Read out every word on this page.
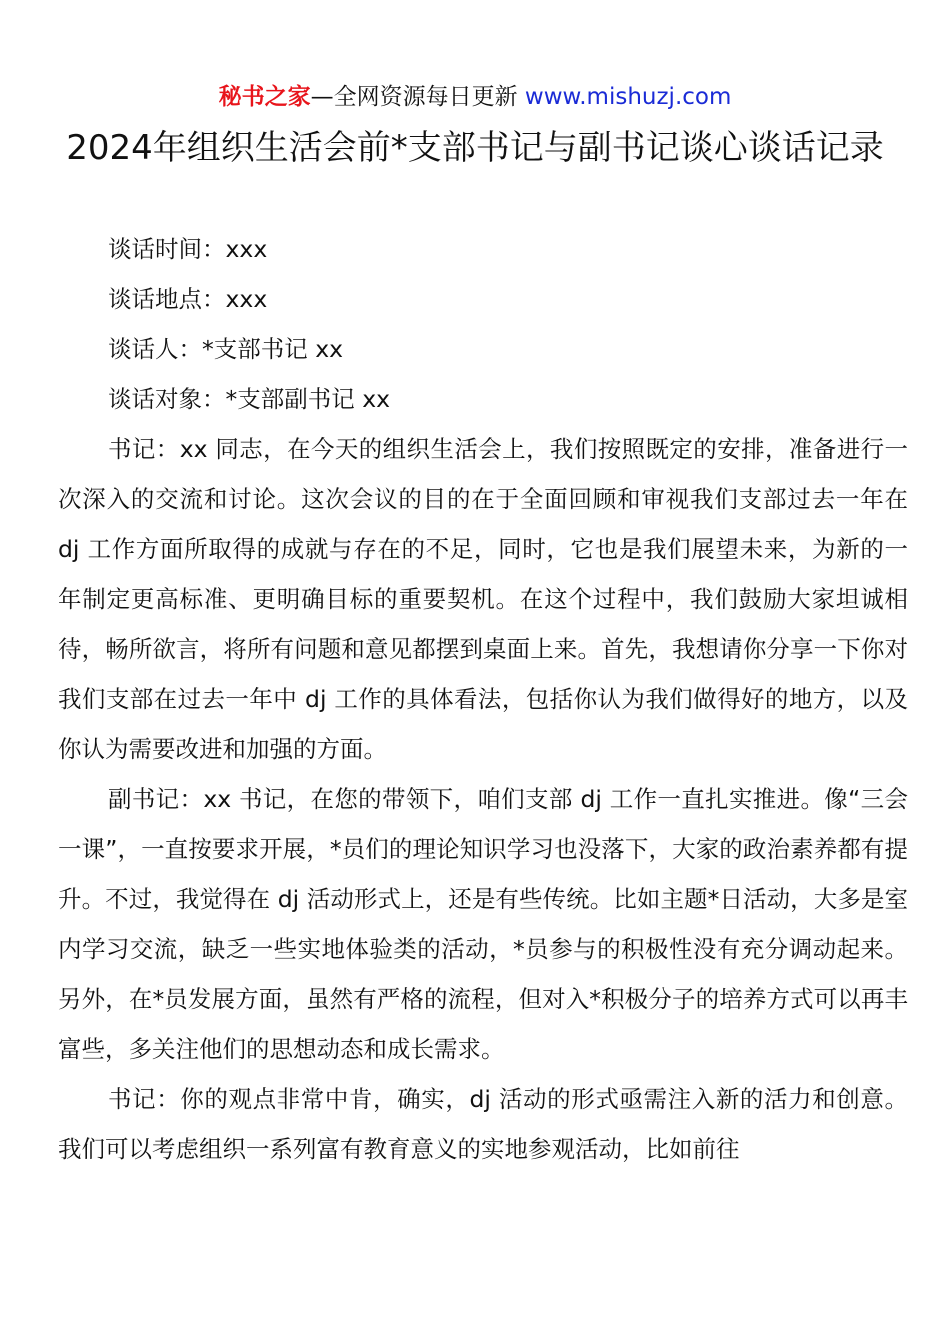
秘书之家—全网资源每日更新 www.mishuzj.com
2024年组织生活会前*支部书记与副书记谈心谈话记录

谈话时间：xxx

谈话地点：xxx

谈话人：*支部书记 xx

谈话对象：*支部副书记 xx

书记：xx 同志，在今天的组织生活会上，我们按照既定的安排，准备进行一次深入的交流和讨论。这次会议的目的在于全面回顾和审视我们支部过去一年在 dj 工作方面所取得的成就与存在的不足，同时，它也是我们展望未来，为新的一年制定更高标准、更明确目标的重要契机。在这个过程中，我们鼓励大家坦诚相待，畅所欲言，将所有问题和意见都摆到桌面上来。首先，我想请你分享一下你对我们支部在过去一年中 dj 工作的具体看法，包括你认为我们做得好的地方，以及你认为需要改进和加强的方面。

副书记：xx 书记，在您的带领下，咱们支部 dj 工作一直扎实推进。像“三会一课”，一直按要求开展，*员们的理论知识学习也没落下，大家的政治素养都有提升。不过，我觉得在 dj 活动形式上，还是有些传统。比如主题*日活动，大多是室内学习交流，缺乏一些实地体验类的活动，*员参与的积极性没有充分调动起来。另外，在*员发展方面，虽然有严格的流程，但对入*积极分子的培养方式可以再丰富些，多关注他们的思想动态和成长需求。

书记：你的观点非常中肯，确实，dj 活动的形式亟需注入新的活力和创意。我们可以考虑组织一系列富有教育意义的实地参观活动，比如前往
